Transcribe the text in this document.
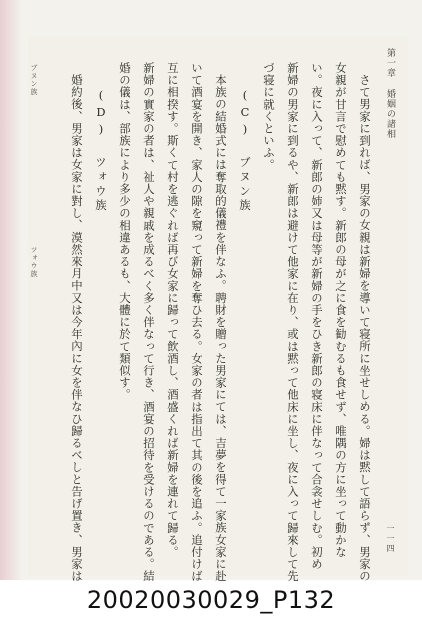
第一章 婚姻の諸相
一一四
さて男家に到れば、男家の女親は新婦を導いて寝所に坐せしめる。婦は黙して語らず、男家の
女親が甘言で慰めても黙す。新郎の母が之に食を勧むるも食せず、唯隅の方に坐って動かな
い。夜に入って、新郎の姉又は母等が新婦の手をひき新郎の寝床に伴なって合衾せしむ。初め
新婦の男家に到るや、新郎は避けて他家に在り、或は黙って他床に坐し、夜に入って歸來して先
づ寝に就くといふ。
(C) ブヌン族
本族の結婚式には奪取的儀禮を伴なふ。聘財を贈った男家にては、吉夢を得て一家族女家に赴
いて酒宴を開き、家人の隙を窺って新婦を奪ひ去る。女家の者は指出て其の後を追ふ。追付けば
互に相揆す。斯くて村を逃ぐれば再び女家に歸って飲酒し、酒盛くれば新婦を連れて歸る。
新婦の實家の者は、祉人や親戚を成るべく多く伴なって行き、酒宴の招待を受けるのである。結
婚の儀は、部族により多少の相違あるも、大體に於て類似す。
(D) ツォウ族
婚約後、男家は女家に對し、漠然來月中又は今年內に女を伴なひ歸るべしと告げ置き、男家は
ブヌン族
ツォウ族
20020030029_P132
